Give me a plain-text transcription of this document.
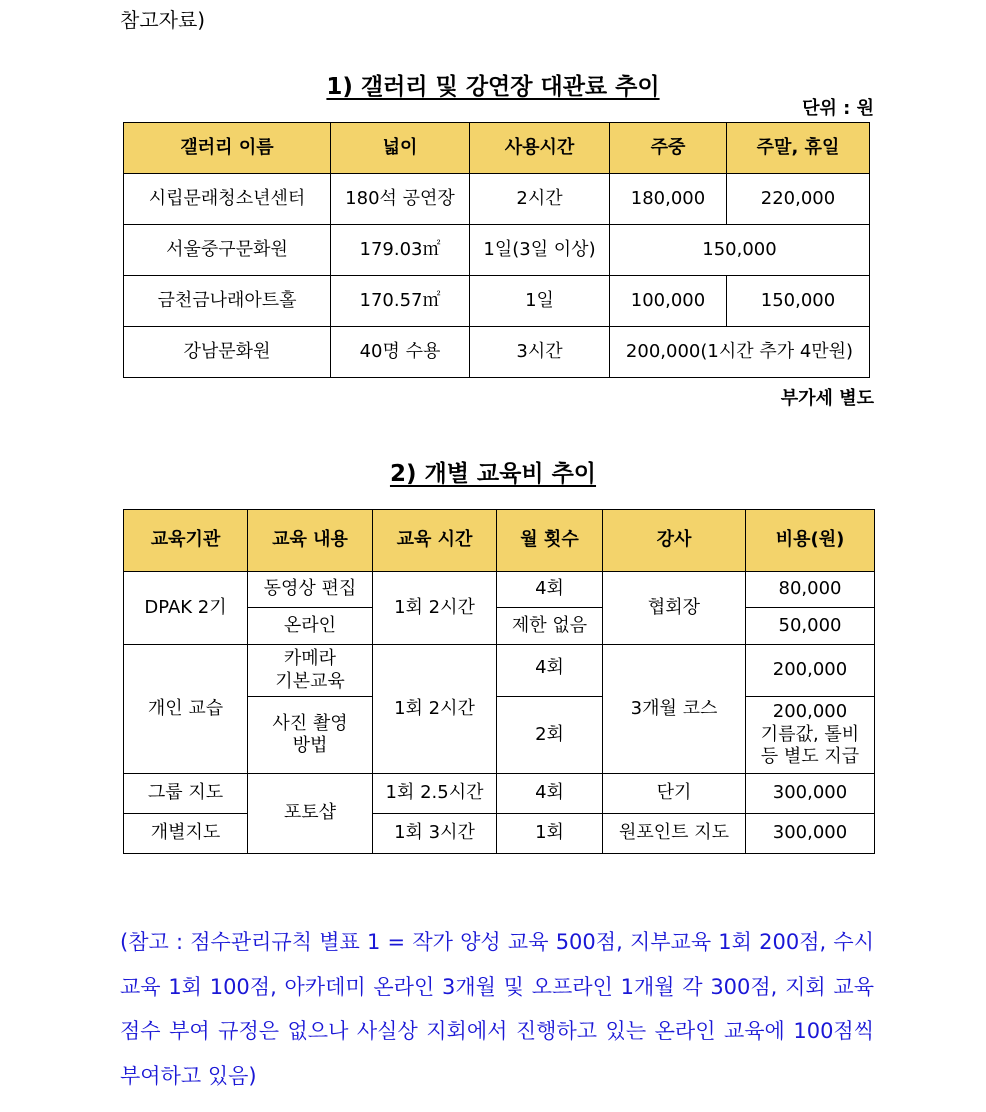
참고자료)
1) 갤러리 및 강연장 대관료 추이
단위 : 원
갤러리 이름	넓이	사용시간	주중	주말, 휴일
시립문래청소년센터	180석 공연장	2시간	180,000	220,000
서울중구문화원	179.03㎡	1일(3일 이상)	150,000	
금천금나래아트홀	170.57㎡	1일	100,000	150,000
강남문화원	40명 수용	3시간	200,000(1시간 추가 4만원)	
부가세 별도
2) 개별 교육비 추이
교육기관	교육 내용	교육 시간	월 횟수	강사	비용(원)
DPAK 2기	동영상 편집	1회 2시간	4회	협회장	80,000
	온라인		제한 없음		50,000
개인 교습	카메라
기본교육	1회 2시간	4회	3개월 코스	200,000
	사진 촬영
방법		2회		200,000
기름값, 톨비
등 별도 지급
그룹 지도	포토샵	1회 2.5시간	4회	단기	300,000
개별지도		1회 3시간	1회	원포인트 지도	300,000
(참고 : 점수관리규칙 별표 1 = 작가 양성 교육 500점, 지부교육 1회 200점, 수시 교육 1회 100점, 아카데미 온라인 3개월 및 오프라인 1개월 각 300점, 지회 교육 점수 부여 규정은 없으나 사실상 지회에서 진행하고 있는 온라인 교육에 100점씩 부여하고 있음)
